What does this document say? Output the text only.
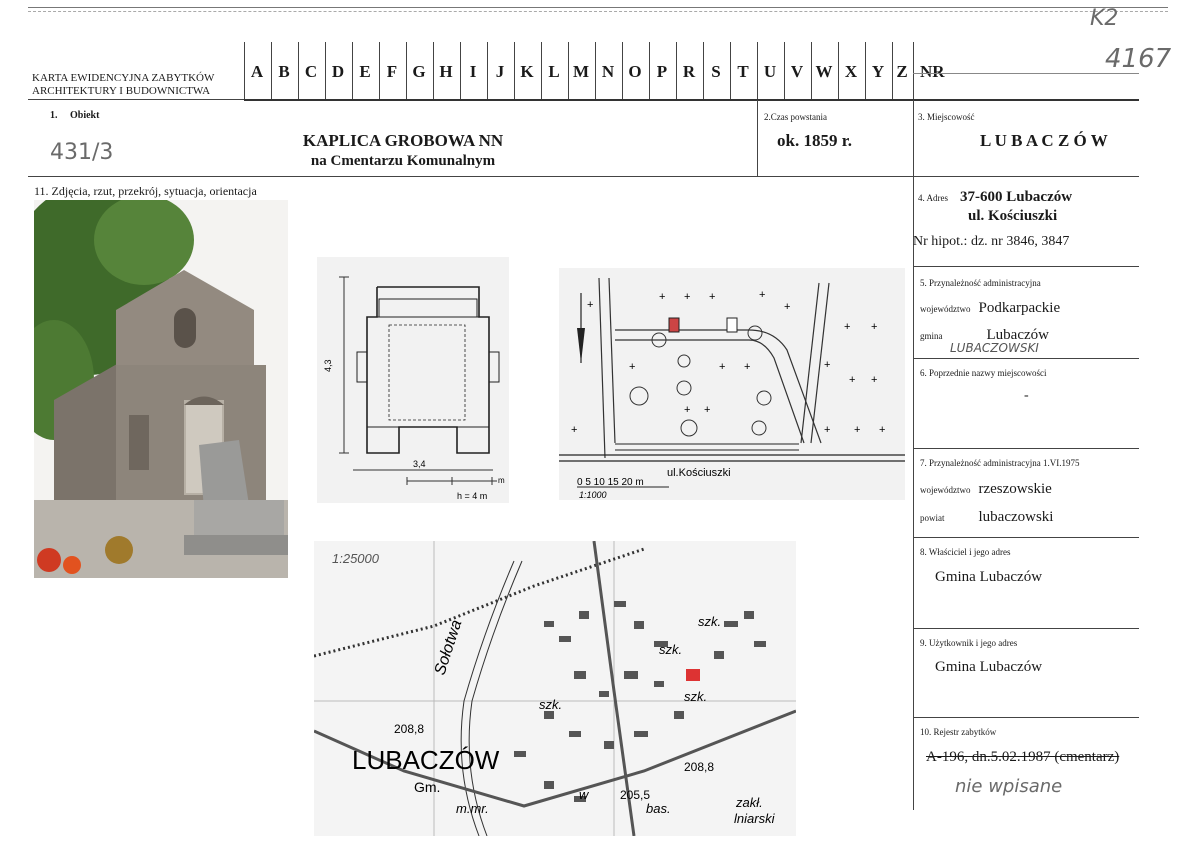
KARTA EWIDENCYJNA ZABYTKÓW
ARCHITEKTURY I BUDOWNICTWA
A B C D E F G H	I	J K L M N O P R S T U V W X Y Z NR
K2
4167
1. Obiekt
431/3	KAPLICA GROBOWA NN
na Cmentarzu Komunalnym
2.Czas powstania
ok. 1859 r.
3. Miejscowość
L U B A C Z Ó W
11. Zdjęcia, rzut, przekrój, sytuacja, orientacja
4,3
3,4
m
h = 4 m
+
+ + +	+
+
+ +
+	+ +
+ +
+
+ +
+ + +
+
ul.Kościuszki
0 5 10 15 20 m
1:1000
1:25000
Sołotwa
LUBACZÓW
Gm.
208,8
208,8
205,5
szk.
szk.
szk.
szk.
w
m.mr.	bas.	zakł.
lniarski
4. Adres 37-600 Lubaczów
ul. Kościuszki
Nr hipot.: dz. nr 3846, 3847
5. Przynależność administracyjna
województwo Podkarpackie
gmina	Lubaczów
LUBACZOWSKI
6. Poprzednie nazwy miejscowości
-
7. Przynależność administracyjna 1.VI.1975
województwo rzeszowskie
powiat lubaczowski
8. Właściciel i jego adres
Gmina Lubaczów
9. Użytkownik i jego adres
Gmina Lubaczów
10. Rejestr zabytków
A-196, dn.5.02.1987 (cmentarz)
nie wpisane
